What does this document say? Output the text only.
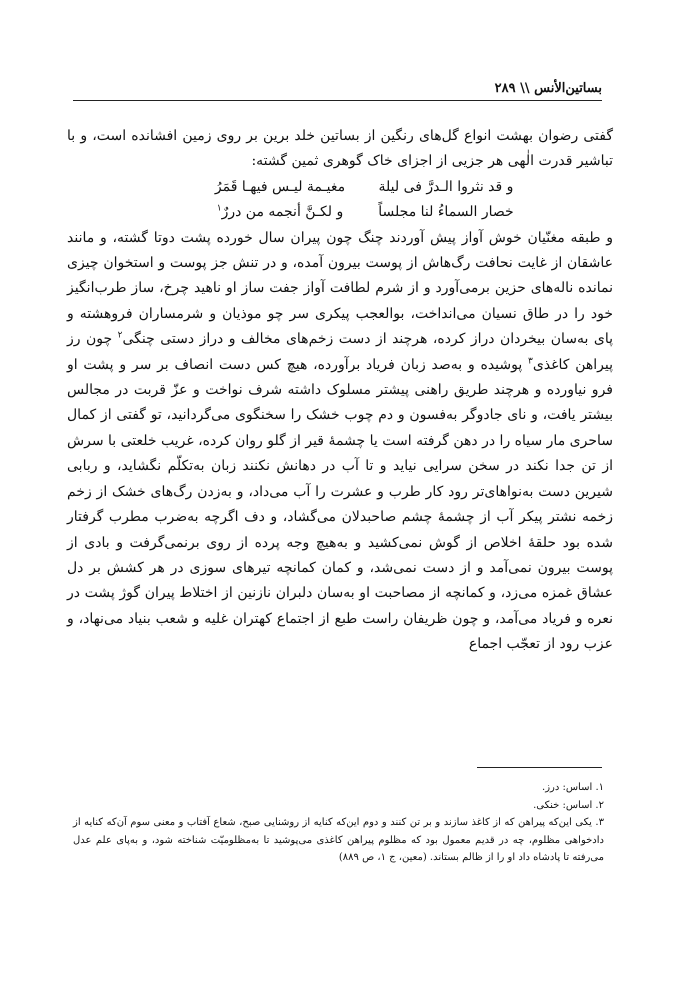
بساتین‌الأنس \\ ۲۸۹

گفتی رضوان بهشت انواع گل‌های رنگین از بساتین خلد برین بر روی زمین افشانده است، و با تباشیر قدرت الٰهی هر جزیی از اجزای خاک گوهری ثمین گشته:

و قد نثروا الـدرَّ فی لیلةمغیـمة لیـس فیهـا قَمَرُ

خصار السماءُ لنا مجلساًو لکـنَّ أنجمه من دررٌ$^۱$

و طبقه مغنّیان خوش آواز پیش آوردند چنگ چون پیران سال خورده پشت دوتا گشته، و مانند عاشقان از غایت نحافت رگ‌هاش از پوست بیرون آمده، و در تنش جز پوست و استخوان چیزی نمانده ناله‌های حزین برمی‌آورد و از شرم لطافت آواز جفت ساز او ناهید چرخ، ساز طرب‌انگیز خود را در طاق نسیان می‌انداخت، بوالعجب پیکری سر چو موذیان و شرمساران فروهشته و پای به‌سان بیخردان دراز کرده، هرچند از دست زخم‌های مخالف و دراز دستی چنگی$^۲$ چون رز پیراهن کاغذی$^۳$ پوشیده و به‌صد زبان فریاد برآورده، هیچ کس دست انصاف بر سر و پشت او فرو نیاورده و هرچند طریق راهنی پیشتر مسلوک داشته شرف نواخت و عزّ قربت در مجالس بیشتر یافت، و نای جادوگر به‌فسون و دم چوب خشک را سخنگوی می‌گردانید، تو گفتی از کمال ساحری مار سیاه را در دهن گرفته است یا چشمهٔ قیر از گلو روان کرده، غریب خلعتی با سرش از تن جدا نکند در سخن سرایی نیاید و تا آب در دهانش نکنند زبان به‌تکلّم نگشاید، و ربابی شیرین دست به‌نواهای‌تر رود کار طرب و عشرت را آب می‌داد، و به‌زدن رگ‌های خشک از زخم زخمه نشتر پیکر آب از چشمهٔ چشم صاحبدلان می‌گشاد، و دف اگرچه به‌ضرب مطرب گرفتار شده بود حلقهٔ اخلاص از گوش نمی‌کشید و به‌هیچ وجه پرده از روی برنمی‌گرفت و بادی از پوست بیرون نمی‌آمد و از دست نمی‌شد، و کمان کمانچه تیرهای سوزی در هر کشش بر دل عشاق غمزه می‌زد، و کمانچه از مصاحبت او به‌سان دلبران نازنین از اختلاط پیران گوژ پشت در نعره و فریاد می‌آمد، و چون ظریفان راست طبع از اجتماع کهتران غلیه و شعب بنیاد می‌نهاد، و عزب رود از تعجّب اجماع

۱. اساس: درز.

۲. اساس: خنکی.

۳. یکی این‌که پیراهن که از کاغذ سازند و بر تن کنند و دوم این‌که کنایه از روشنایی صبح، شعاع آفتاب و معنی سوم آن‌که کنایه از دادخواهی مظلوم، چه در قدیم معمول بود که مظلوم پیراهن کاغذی می‌پوشید تا به‌مظلومیّت شناخته شود، و به‌پای علم عدل می‌رفته تا پادشاه داد او را از ظالم بستاند. (معین، ج ۱، ص ۸۸۹)
